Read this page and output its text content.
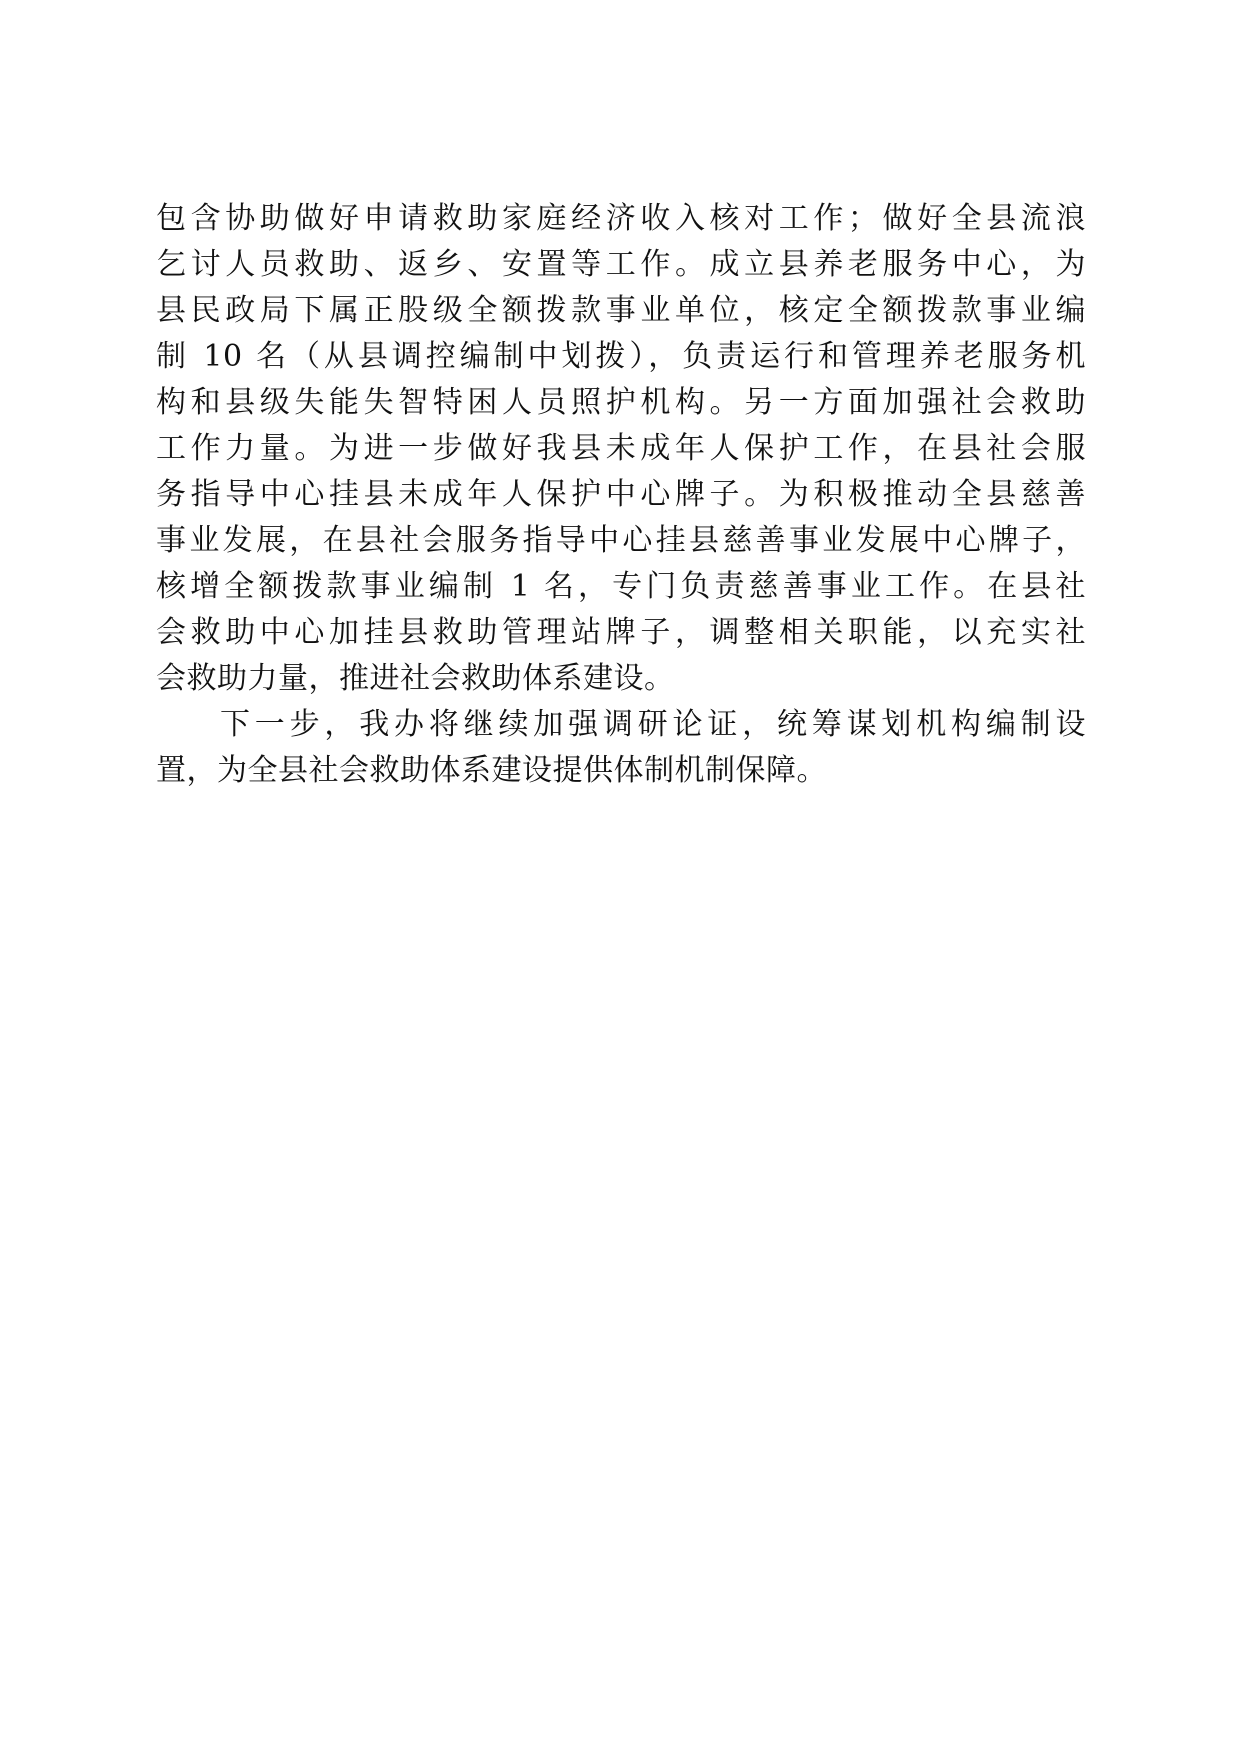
包含协助做好申请救助家庭经济收入核对工作；做好全县流浪
乞讨人员救助、返乡、安置等工作。成立县养老服务中心，为
县民政局下属正股级全额拨款事业单位，核定全额拨款事业编
制 10 名（从县调控编制中划拨），负责运行和管理养老服务机
构和县级失能失智特困人员照护机构。另一方面加强社会救助
工作力量。为进一步做好我县未成年人保护工作，在县社会服
务指导中心挂县未成年人保护中心牌子。为积极推动全县慈善
事业发展，在县社会服务指导中心挂县慈善事业发展中心牌子，
核增全额拨款事业编制 1 名，专门负责慈善事业工作。在县社
会救助中心加挂县救助管理站牌子，调整相关职能，以充实社
会救助力量，推进社会救助体系建设。
下一步，我办将继续加强调研论证，统筹谋划机构编制设
置，为全县社会救助体系建设提供体制机制保障。
